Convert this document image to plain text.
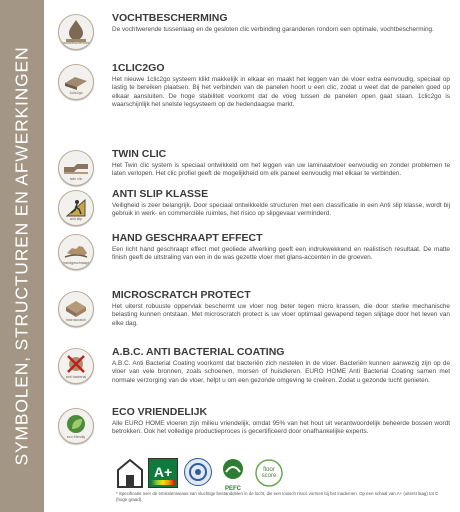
SYMBOLEN, STRUCTUREN EN AFWERKINGEN
vochtbescherming
VOCHTBESCHERMING
De vochtwerende tussenlaag en de gesloten clic verbinding garanderen rondom een optimale, vochtbescherming.
1clic2go
1CLIC2GO
Het nieuwe 1clic2go systeem klikt makkelijk in elkaar en maakt het leggen van de vloer extra eenvoudig, speciaal op lastig te bereiken plaatsen. Bij het verbinden van de panelen hoort u een clic, zodat u weet dat de panelen goed op elkaar aansluiten. De hoge stabiliteit voorkomt dat de voeg tussen de panelen open gaat staan. 1clic2go is waarschijnlijk het snelste legsysteem op de hedendaagse markt.
twin clic
TWIN CLIC
Het Twin clic system is speciaal ontwikkeld om het leggen van uw laminaatvloer eenvoudig en zonder problemen te laten verlopen. Het clic profiel geeft de mogelijkheid om elk paneel eenvoudig met elkaar te verbinden.
anti slip
ANTI SLIP KLASSE
Veiligheid is zeer belangrijk. Door speciaal ontwikkelde structuren met een classificatie in een Anti slip klasse, wordt bij gebruik in werk- en commerciële ruimtes, het risico op slipgevaar verminderd.
handgeschraapt
HAND GESCHRAAPT EFFECT
Een licht hand geschraapt effect met geoliede afwerking geeft een indrukwekkend en realistisch resultaat. De matte finish geeft de uitstraling van een in de was gezette vloer met glans-accenten in de groeven.
microscratch
MICROSCRATCH PROTECT
Het uiterst robuuste oppervlak beschermt uw vloer nog beter tegen micro krassen, die door sterke mechanische belasting kunnen ontstaan. Met microscratch protect is uw vloer optimaal gewapend tegen slijtage door het leven van elke dag.
anti bacterial
A.B.C. ANTI BACTERIAL COATING
A.B.C. Anti Bacterial Coating voorkomt dat bacteriën zich nestelen in de vloer. Bacteriën kunnen aanwezig zijn op de vloer van vele bronnen, zoals schoenen, morsen of huisdieren. EURO HOME Anti Bacterial Coating samen met normale verzorging van de vloer, helpt u om een gezonde omgeving te creëren. Zodat u gezonde lucht genieten.
eco friendly
ECO VRIENDELIJK
Alle EURO HOME vloeren zijn milieu vriendelijk, omdat 95% van het hout uit verantwoordelijk beheerde bossen wordt betrokken. Ook het volledige productieproces is gecertificeerd door onafhankelijke experts.
A+
PEFC
floor score
* Specificatie over de emissieniveaus van vluchtige bestanddelen in de lucht, die een toxisch risico vormen bij het inademen. Op een schaal van A+ (uiterst laag) tot C (hoge graad).
